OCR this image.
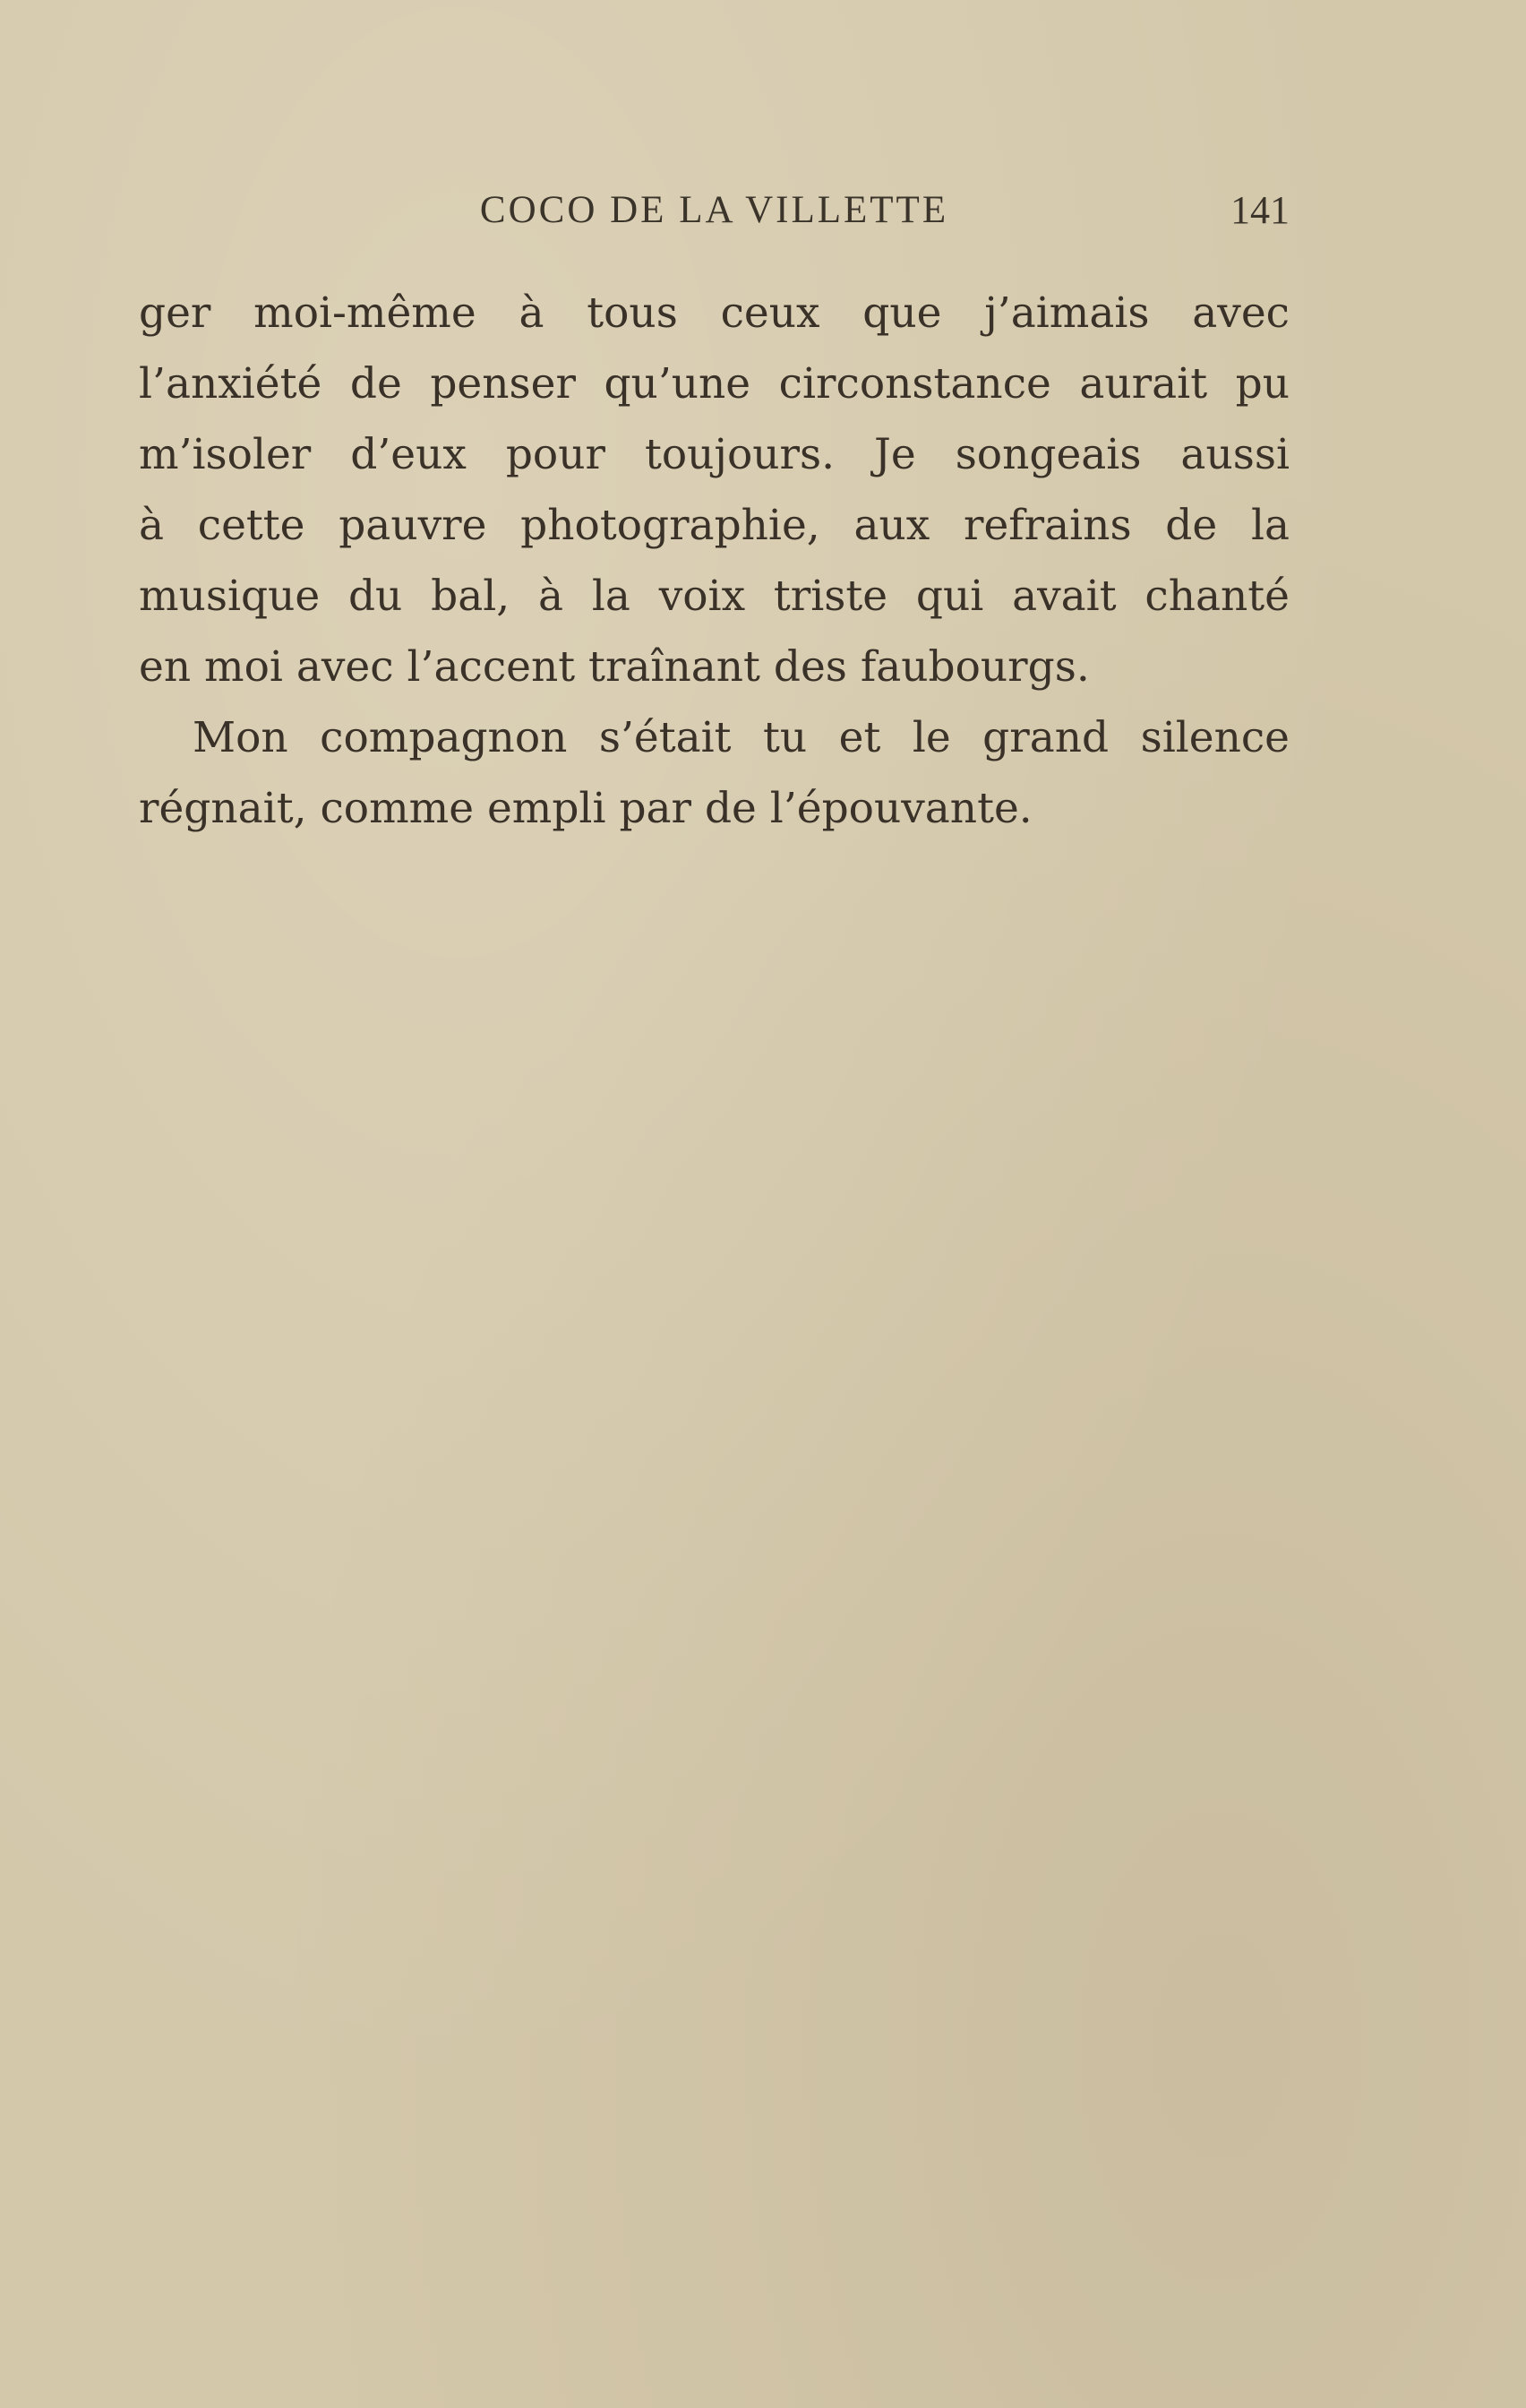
COCO DE LA VILLETTE	141
ger moi-même à tous ceux que j’aimais avec
l’anxiété de penser qu’une circonstance aurait pu
m’isoler d’eux pour toujours. Je songeais aussi
à cette pauvre photographie, aux refrains de la
musique du bal, à la voix triste qui avait chanté
en moi avec l’accent traînant des faubourgs.
Mon compagnon s’était tu et le grand silence
régnait, comme empli par de l’épouvante.
